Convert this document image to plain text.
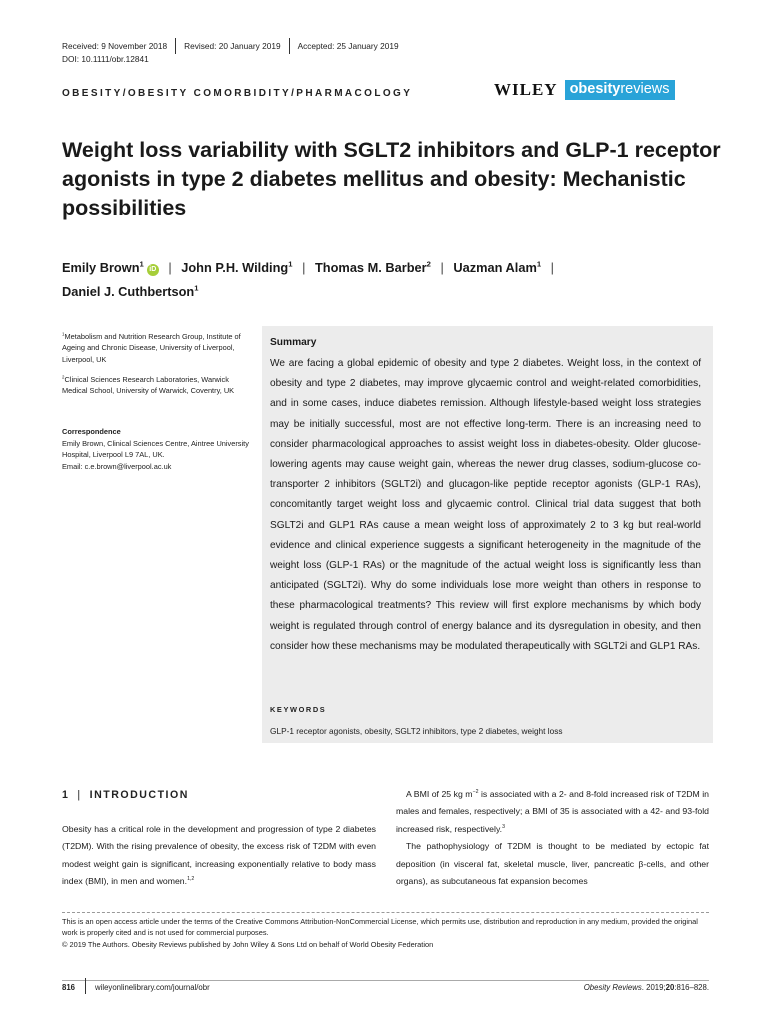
Received: 9 November 2018 Revised: 20 January 2019 Accepted: 25 January 2019
DOI: 10.1111/obr.12841
OBESITY/OBESITY COMORBIDITY/PHARMACOLOGY	WILEY obesityreviews
Weight loss variability with SGLT2 inhibitors and GLP-1 receptor agonists in type 2 diabetes mellitus and obesity: Mechanistic possibilities
Emily Brown$^1$iD | John P.H. Wilding$^1$ | Thomas M. Barber$^2$ | Uazman Alam$^1$ |
Daniel J. Cuthbertson$^1$
$^1$Metabolism and Nutrition Research Group, Institute of Ageing and Chronic Disease, University of Liverpool, Liverpool, UK
$^2$Clinical Sciences Research Laboratories, Warwick Medical School, University of Warwick, Coventry, UK
Correspondence
Emily Brown, Clinical Sciences Centre, Aintree University Hospital, Liverpool L9 7AL, UK.
Email: c.e.brown@liverpool.ac.uk
Summary
We are facing a global epidemic of obesity and type 2 diabetes. Weight loss, in the context of obesity and type 2 diabetes, may improve glycaemic control and weight-related comorbidities, and in some cases, induce diabetes remission. Although lifestyle-based weight loss strategies may be initially successful, most are not effective long-term. There is an increasing need to consider pharmacological approaches to assist weight loss in diabetes-obesity. Older glucose-lowering agents may cause weight gain, whereas the newer drug classes, sodium-glucose co-transporter 2 inhibitors (SGLT2i) and glucagon-like peptide receptor agonists (GLP-1 RAs), concomitantly target weight loss and glycaemic control. Clinical trial data suggest that both SGLT2i and GLP1 RAs cause a mean weight loss of approximately 2 to 3 kg but real-world evidence and clinical experience suggests a significant heterogeneity in the magnitude of the weight loss (GLP-1 RAs) or the magnitude of the actual weight loss is significantly less than anticipated (SGLT2i). Why do some individuals lose more weight than others in response to these pharmacological treatments? This review will first explore mechanisms by which body weight is regulated through control of energy balance and its dysregulation in obesity, and then consider how these mechanisms may be modulated therapeutically with SGLT2i and GLP1 RAs.
KEYWORDS
GLP-1 receptor agonists, obesity, SGLT2 inhibitors, type 2 diabetes, weight loss
1 | INTRODUCTION

Obesity has a critical role in the development and progression of type 2 diabetes (T2DM). With the rising prevalence of obesity, the excess risk of T2DM with even modest weight gain is significant, increasing exponentially relative to body mass index (BMI), in men and women.$^{1,2}$

A BMI of 25 kg $m^{-2}$ is associated with a 2- and 8-fold increased risk of T2DM in males and females, respectively; a BMI of 35 is associated with a 42- and 93-fold increased risk, respectively.$^3$

The pathophysiology of T2DM is thought to be mediated by ectopic fat deposition (in visceral fat, skeletal muscle, liver, pancreatic β-cells, and other organs), as subcutaneous fat expansion becomes

This is an open access article under the terms of the Creative Commons Attribution-NonCommercial License, which permits use, distribution and reproduction in any medium, provided the original work is properly cited and is not used for commercial purposes.
© 2019 The Authors. Obesity Reviews published by John Wiley & Sons Ltd on behalf of World Obesity Federation
816	wileyonlinelibrary.com/journal/obr	Obesity Reviews. 2019;20:816–828.
